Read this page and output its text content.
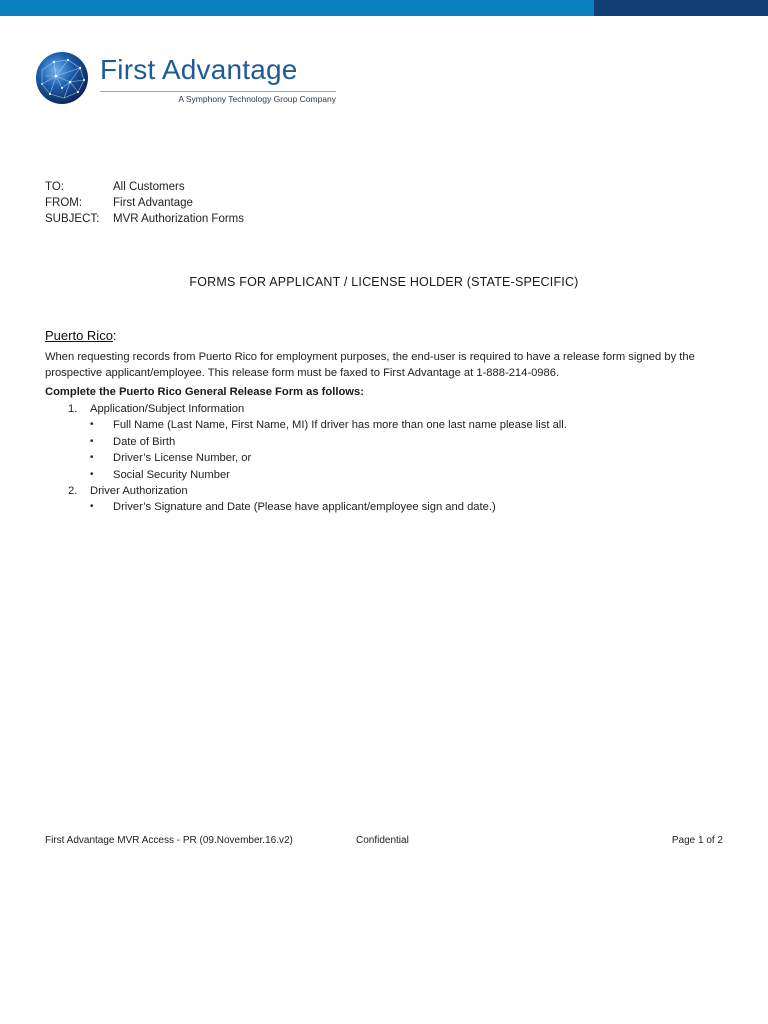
First Advantage
A Symphony Technology Group Company
TO:	All Customers
FROM:	First Advantage
SUBJECT: MVR Authorization Forms
FORMS FOR APPLICANT / LICENSE HOLDER (STATE-SPECIFIC)
Puerto Rico:

When requesting records from Puerto Rico for employment purposes, the end-user is required to have a release form signed by the

prospective applicant/employee. This release form must be faxed to First Advantage at 1-888-214-0986.

Complete the Puerto Rico General Release Form as follows:
1. Application/Subject Information
• Full Name (Last Name, First Name, MI) If driver has more than one last name please list all.
• Date of Birth
• Driver’s License Number, or
• Social Security Number
2. Driver Authorization
• Driver’s Signature and Date (Please have applicant/employee sign and date.)
First Advantage MVR Access - PR (09.November.16.v2)	Confidential	Page 1 of 2
